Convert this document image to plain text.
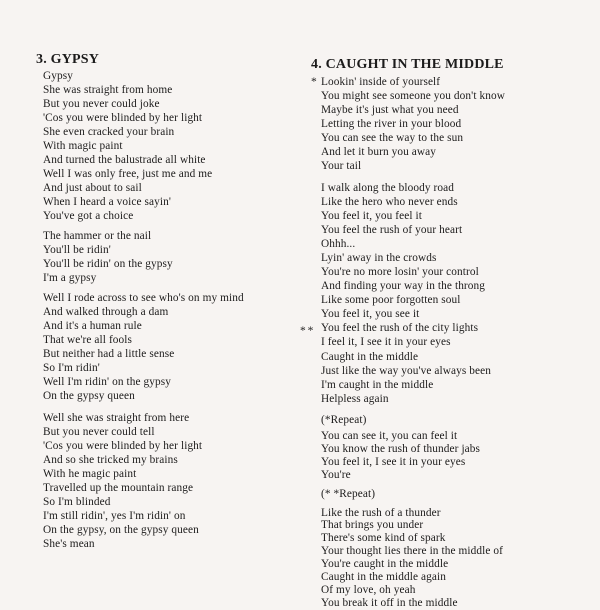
3. GYPSY
Gypsy
She was straight from home
But you never could joke
'Cos you were blinded by her light
She even cracked your brain
With magic paint
And turned the balustrade all white
Well I was only free, just me and me
And just about to sail
When I heard a voice sayin'
You've got a choice
The hammer or the nail
You'll be ridin'
You'll be ridin' on the gypsy
I'm a gypsy
Well I rode across to see who's on my mind
And walked through a dam
And it's a human rule
That we're all fools
But neither had a little sense
So I'm ridin'
Well I'm ridin' on the gypsy
On the gypsy queen
Well she was straight from here
But you never could tell
'Cos you were blinded by her light
And so she tricked my brains
With he magic paint
Travelled up the mountain range
So I'm blinded
I'm still ridin', yes I'm ridin' on
On the gypsy, on the gypsy queen
She's mean
4. CAUGHT IN THE MIDDLE
*
* *
Lookin' inside of yourself
You might see someone you don't know
Maybe it's just what you need
Letting the river in your blood
You can see the way to the sun
And let it burn you away
Your tail
I walk along the bloody road
Like the hero who never ends
You feel it, you feel it
You feel the rush of your heart
Ohhh...
Lyin' away in the crowds
You're no more losin' your control
And finding your way in the throng
Like some poor forgotten soul
You feel it, you see it
You feel the rush of the city lights
I feel it, I see it in your eyes
Caught in the middle
Just like the way you've always been
I'm caught in the middle
Helpless again
(*Repeat)
You can see it, you can feel it
You know the rush of thunder jabs
You feel it, I see it in your eyes
You're
(* *Repeat)
Like the rush of a thunder
That brings you under
There's some kind of spark
Your thought lies there in the middle of
You're caught in the middle
Caught in the middle again
Of my love, oh yeah
You break it off in the middle
